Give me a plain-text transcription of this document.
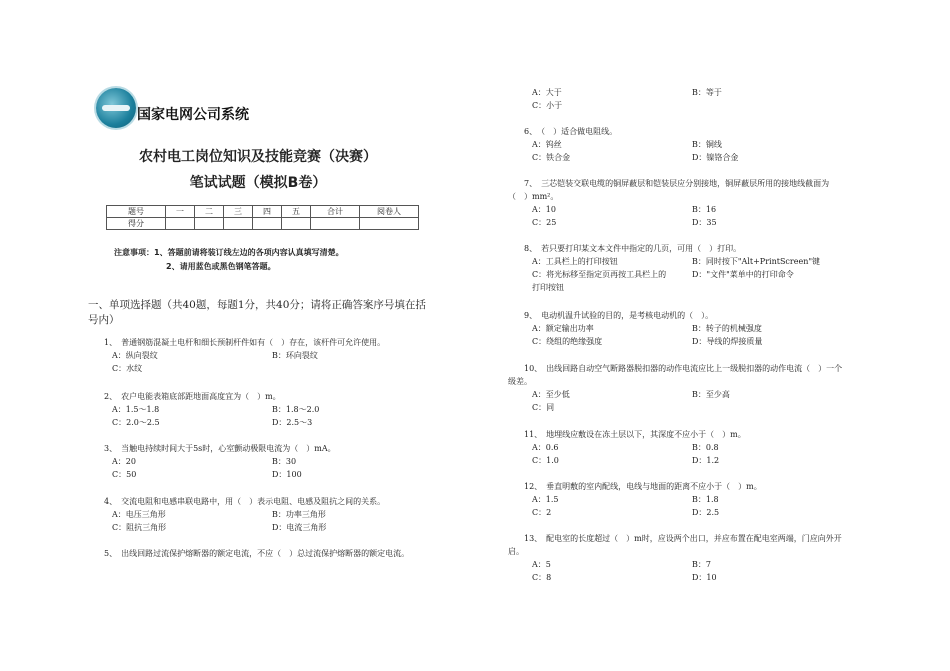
国家电网公司系统
农村电工岗位知识及技能竞赛（决赛）
笔试试题（模拟B卷）
题号	一	二	三	四	五	合计	阅卷人
得分							
注意事项：1、答题前请将装订线左边的各项内容认真填写清楚。
2、请用蓝色或黑色钢笔答题。
一、单项选择题（共40题，每题1分，共40分；请将正确答案序号填在括号内）
1、　普通钢筋混凝土电杆和细长预制杆件如有（　）存在，该杆件可允许使用。
A：纵向裂纹	B：环向裂纹
C：水纹
2、　农户电能表箱底部距地面高度宜为（　）m。
A：1.5～1.8	B：1.8～2.0
C：2.0～2.5	D：2.5～3
3、　当触电持续时间大于5s时，心室颤动极限电流为（　）mA。
A：20	B：30
C：50	D：100
4、　交流电阻和电感串联电路中，用（　）表示电阻、电感及阻抗之间的关系。
A：电压三角形	B：功率三角形
C：阻抗三角形	D：电流三角形
5、　出线回路过流保护熔断器的额定电流，不应（　）总过流保护熔断器的额定电流。
A：大于	B：等于
C：小于
6、　（　）适合做电阻线。
A：钨丝	B：铜线
C：铁合金	D：镍铬合金
7、　三芯铠装交联电缆的铜屏蔽层和铠装层应分别接地，铜屏蔽层所用的接地线截面为（　）mm²。
A：10	B：16
C：25	D：35
8、　若只要打印某文本文件中指定的几页，可用（　）打印。
A：工具栏上的打印按钮	B：同时按下"Alt+PrintScreen"键
C：将光标移至指定页再按工具栏上的打印按钮
D："文件"菜单中的打印命令
9、　电动机温升试验的目的，是考核电动机的（　）。
A：额定输出功率	B：转子的机械强度
C：绕组的绝缘强度	D：导线的焊接质量
10、　出线回路自动空气断路器脱扣器的动作电流应比上一级脱扣器的动作电流（　）一个级差。
A：至少低	B：至少高
C：同
11、　地埋线应敷设在冻土层以下，其深度不应小于（　）m。
A：0.6	B：0.8
C：1.0	D：1.2
12、　垂直明敷的室内配线，电线与地面的距离不应小于（　）m。
A：1.5	B：1.8
C：2	D：2.5
13、　配电室的长度超过（　）m时，应设两个出口，并应布置在配电室两端，门应向外开启。
A：5	B：7
C：8	D：10
